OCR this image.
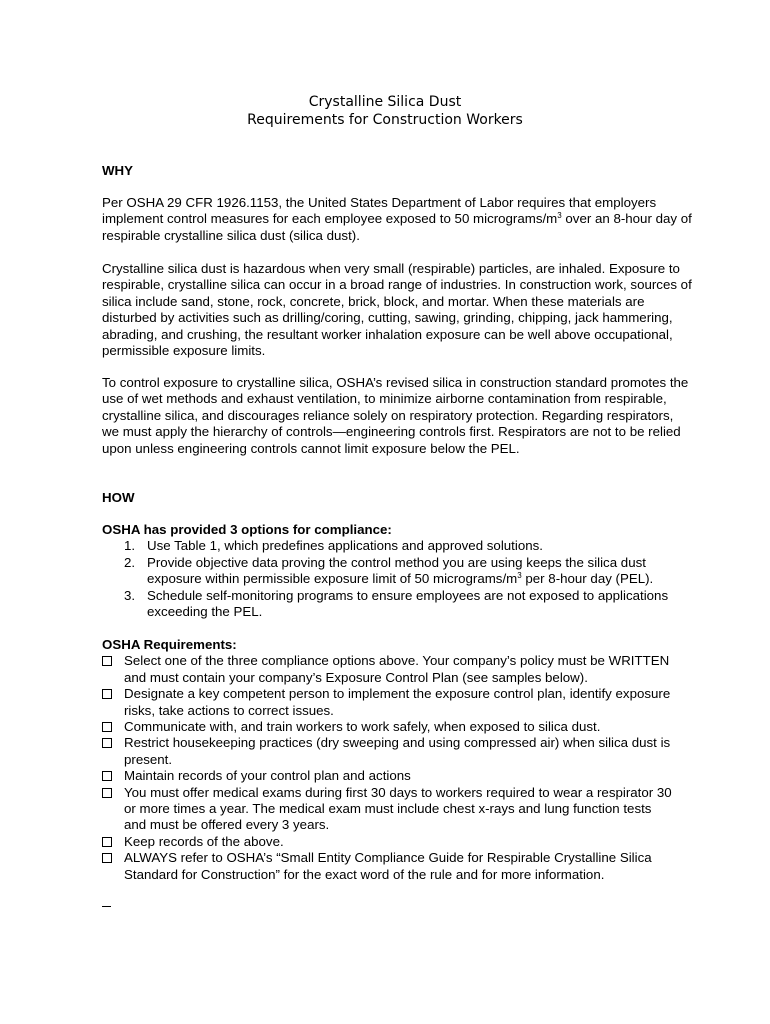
Crystalline Silica Dust
Requirements for Construction Workers
WHY

Per OSHA 29 CFR 1926.1153, the United States Department of Labor requires that employers implement control measures for each employee exposed to 50 micrograms/$m^3$ over an 8-hour day of respirable crystalline silica dust (silica dust).

Crystalline silica dust is hazardous when very small (respirable) particles, are inhaled. Exposure to respirable, crystalline silica can occur in a broad range of industries. In construction work, sources of silica include sand, stone, rock, concrete, brick, block, and mortar. When these materials are disturbed by activities such as drilling/coring, cutting, sawing, grinding, chipping, jack hammering, abrading, and crushing, the resultant worker inhalation exposure can be well above occupational, permissible exposure limits.

To control exposure to crystalline silica, OSHA’s revised silica in construction standard promotes the use of wet methods and exhaust ventilation, to minimize airborne contamination from respirable, crystalline silica, and discourages reliance solely on respiratory protection. Regarding respirators, we must apply the hierarchy of controls—engineering controls first. Respirators are not to be relied upon unless engineering controls cannot limit exposure below the PEL.

HOW
OSHA has provided 3 options for compliance:
1. Use Table 1, which predefines applications and approved solutions.
2. Provide objective data proving the control method you are using keeps the silica dust exposure within permissible exposure limit of 50 micrograms/$m^3$ per 8-hour day (PEL).
3. Schedule self-monitoring programs to ensure employees are not exposed to applications exceeding the PEL.
OSHA Requirements:
Select one of the three compliance options above. Your company’s policy must be WRITTEN and must contain your company’s Exposure Control Plan (see samples below).
Designate a key competent person to implement the exposure control plan, identify exposure risks, take actions to correct issues.
Communicate with, and train workers to work safely, when exposed to silica dust.
Restrict housekeeping practices (dry sweeping and using compressed air) when silica dust is present.
Maintain records of your control plan and actions
You must offer medical exams during first 30 days to workers required to wear a respirator 30 or more times a year. The medical exam must include chest x-rays and lung function tests and must be offered every 3 years.
Keep records of the above.
ALWAYS refer to OSHA’s “Small Entity Compliance Guide for Respirable Crystalline Silica Standard for Construction” for the exact word of the rule and for more information.
